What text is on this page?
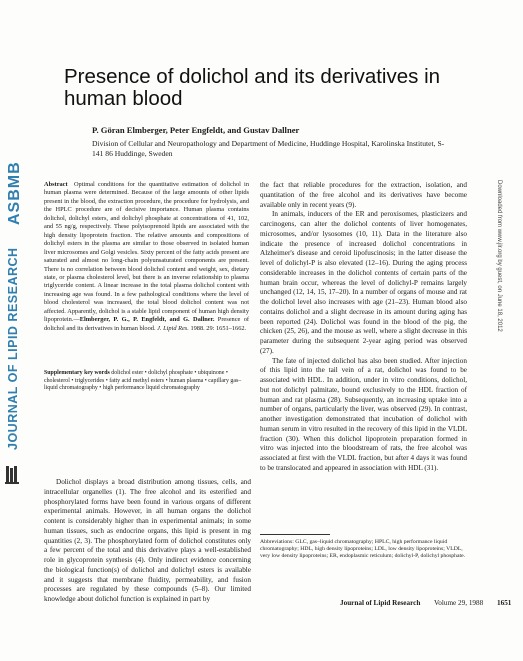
ASBMB
JOURNAL OF LIPID RESEARCH	Downloaded from www.jlr.org by guest, on June 18, 2012
Presence of dolichol and its derivatives in human blood
P. Göran Elmberger, Peter Engfeldt, and Gustav Dallner
Division of Cellular and Neuropathology and Department of Medicine, Huddinge Hospital, Karolinska Institutet, S-141 86 Huddinge, Sweden
Abstract Optimal conditions for the quantitative estimation of dolichol in human plasma were determined. Because of the large amounts of other lipids present in the blood, the extraction procedure, the procedure for hydrolysis, and the HPLC procedure are of decisive importance. Human plasma contains dolichol, dolichyl esters, and dolichyl phosphate at concentrations of 41, 102, and 55 ng/g, respectively. These polyisoprenoid lipids are associated with the high density lipoprotein fraction. The relative amounts and compositions of dolichyl esters in the plasma are similar to those observed in isolated human liver microsomes and Golgi vesicles. Sixty percent of the fatty acids present are saturated and almost no long-chain polyunsaturated components are present. There is no correlation between blood dolichol content and weight, sex, dietary state, or plasma cholesterol level, but there is an inverse relationship to plasma triglyceride content. A linear increase in the total plasma dolichol content with increasing age was found. In a few pathological conditions where the level of blood cholesterol was increased, the total blood dolichol content was not affected. Apparently, dolichol is a stable lipid component of human high density lipoprotein.—Elmberger, P. G., P. Engfeldt, and G. Dallner. Presence of dolichol and its derivatives in human blood. J. Lipid Res. 1988. 29: 1651–1662.
Supplementary key words dolichol ester • dolichyl phosphate • ubiquinone • cholesterol • triglycerides • fatty acid methyl esters • human plasma • capillary gas–liquid chromatography • high performance liquid chromatography

Dolichol displays a broad distribution among tissues, cells, and intracellular organelles (1). The free alcohol and its esterified and phosphorylated forms have been found in various organs of different experimental animals. However, in all human organs the dolichol content is considerably higher than in experimental animals; in some human tissues, such as endocrine organs, this lipid is present in mg quantities (2, 3). The phosphorylated form of dolichol constitutes only a few percent of the total and this derivative plays a well-established role in glycoprotein synthesis (4). Only indirect evidence concerning the biological function(s) of dolichol and dolichyl esters is available and it suggests that membrane fluidity, permeability, and fusion processes are regulated by these compounds (5–8). Our limited knowledge about dolichol function is explained in part by

the fact that reliable procedures for the extraction, isolation, and quantitation of the free alcohol and its derivatives have become available only in recent years (9).

In animals, inducers of the ER and peroxisomes, plasticizers and carcinogens, can alter the dolichol contents of liver homogenates, microsomes, and/or lysosomes (10, 11). Data in the literature also indicate the presence of increased dolichol concentrations in Alzheimer's disease and ceroid lipofuscinosis; in the latter disease the level of dolichyl-P is also elevated (12–16). During the aging process considerable increases in the dolichol contents of certain parts of the human brain occur, whereas the level of dolichyl-P remains largely unchanged (12, 14, 15, 17–20). In a number of organs of mouse and rat the dolichol level also increases with age (21–23). Human blood also contains dolichol and a slight decrease in its amount during aging has been reported (24). Dolichol was found in the blood of the pig, the chicken (25, 26), and the mouse as well, where a slight decrease in this parameter during the subsequent 2-year aging period was observed (27).

The fate of injected dolichol has also been studied. After injection of this lipid into the tail vein of a rat, dolichol was found to be associated with HDL. In addition, under in vitro conditions, dolichol, but not dolichyl palmitate, bound exclusively to the HDL fraction of human and rat plasma (28). Subsequently, an increasing uptake into a number of organs, particularly the liver, was observed (29). In contrast, another investigation demonstrated that incubation of dolichol with human serum in vitro resulted in the recovery of this lipid in the VLDL fraction (30). When this dolichol lipoprotein preparation formed in vitro was injected into the bloodstream of rats, the free alcohol was associated at first with the VLDL fraction, but after 4 days it was found to be translocated and appeared in association with HDL (31).

Abbreviations: GLC, gas–liquid chromatography; HPLC, high performance liquid chromatography; HDL, high density lipoproteins; LDL, low density lipoproteins; VLDL, very low density lipoproteins; ER, endoplasmic reticulum; dolichyl-P, dolichyl phosphate.
Journal of Lipid Research Volume 29, 1988 1651
